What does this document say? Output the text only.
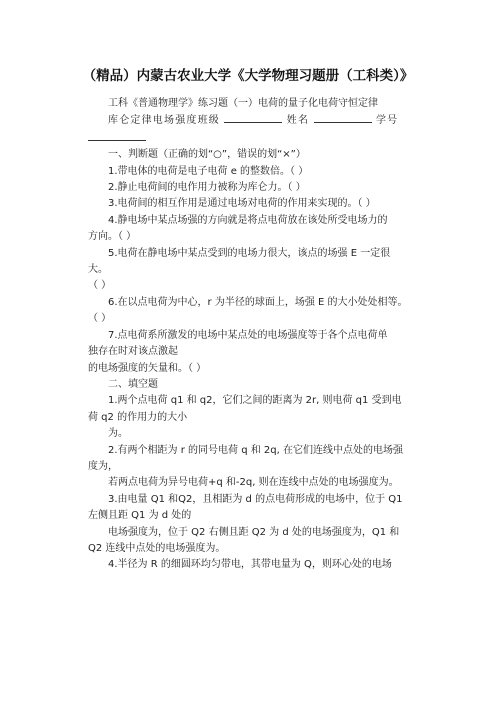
（精品）内蒙古农业大学《大学物理习题册（工科类）》

工科《普通物理学》练习题（一）电荷的量子化电荷守恒定律

库仑定律电场强度班级	姓名	学号

一、判断题（正确的划“○”，错误的划“×”）

1.带电体的电荷是电子电荷 e 的整数倍。（ ）

2.静止电荷间的电作用力被称为库仑力。（ ）

3.电荷间的相互作用是通过电场对电荷的作用来实现的。（ ）

4.静电场中某点场强的方向就是将点电荷放在该处所受电场力的

方向。（ ）

5.电荷在静电场中某点受到的电场力很大，该点的场强 E 一定很大。

（ ）

6.在以点电荷为中心，r 为半径的球面上，场强 E 的大小处处相等。

（ ）

7.点电荷系所激发的电场中某点处的电场强度等于各个点电荷单

独存在时对该点激起

的电场强度的矢量和。（ ）

二、填空题

1.两个点电荷 q1 和 q2，它们之间的距离为 2r, 则电荷 q1 受到电

荷 q2 的作用力的大小

为。

2.有两个相距为 r 的同号电荷 q 和 2q, 在它们连线中点处的电场强

度为，

若两点电荷为异号电荷+q 和-2q, 则在连线中点处的电场强度为。

3.由电量 Q1 和Q2，且相距为 d 的点电荷形成的电场中，位于 Q1

左侧且距 Q1 为 d 处的

电场强度为，位于 Q2 右侧且距 Q2 为 d 处的电场强度为，Q1 和

Q2 连线中点处的电场强度为。

4.半径为 R 的细圆环均匀带电，其带电量为 Q，则环心处的电场
